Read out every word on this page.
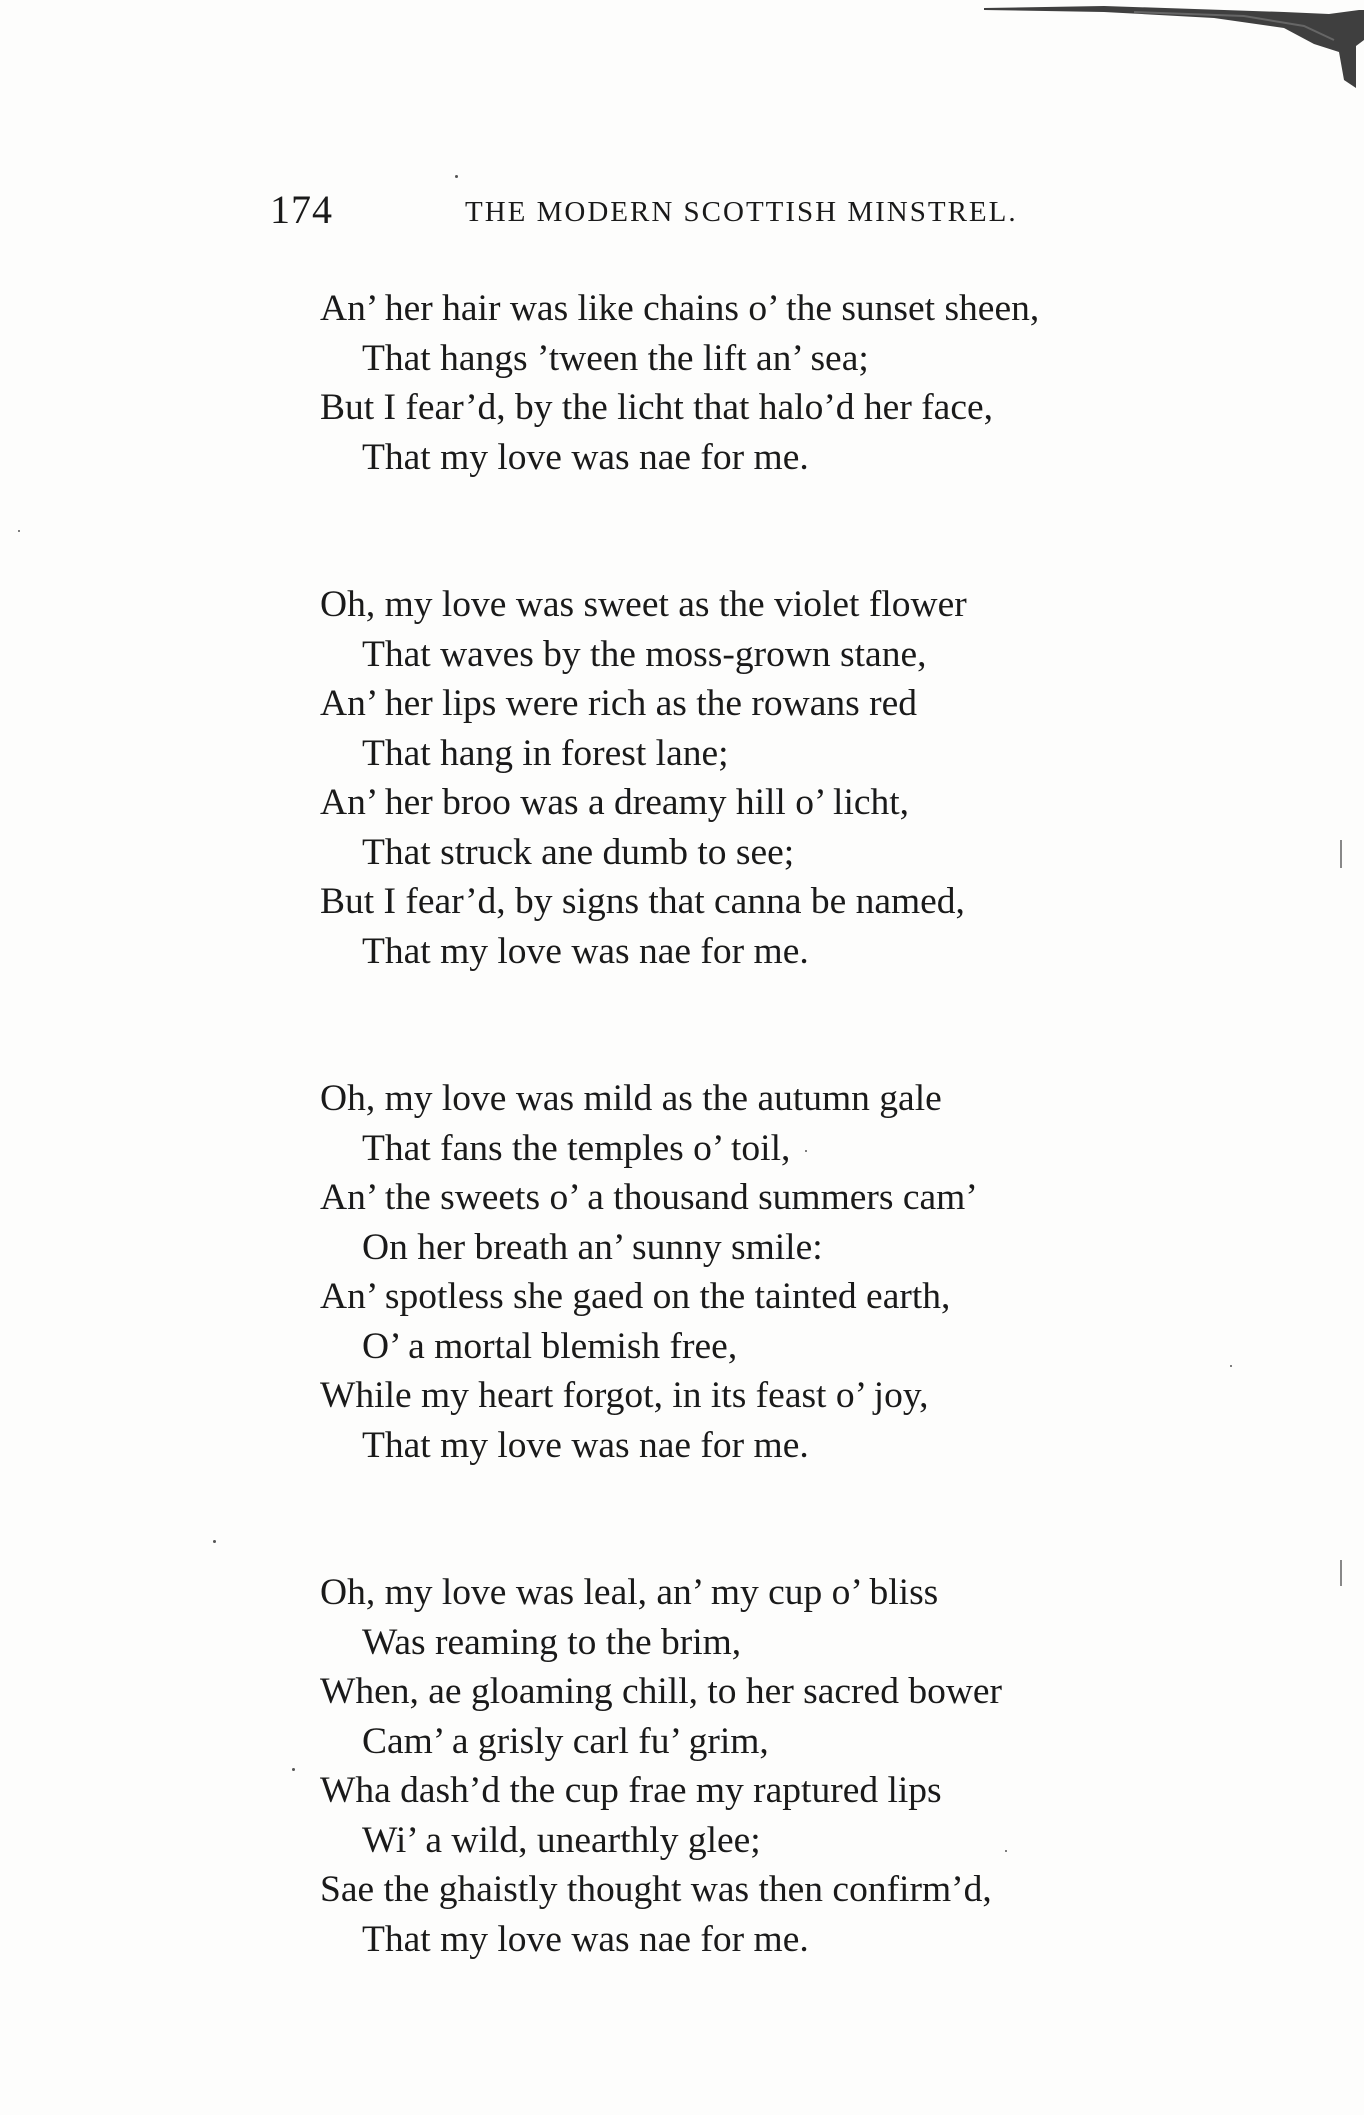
174	THE MODERN SCOTTISH MINSTREL.
An’ her hair was like chains o’ the sunset sheen,
That hangs ’tween the lift an’ sea;
But I fear’d, by the licht that halo’d her face,
That my love was nae for me.
Oh, my love was sweet as the violet flower
That waves by the moss-grown stane,
An’ her lips were rich as the rowans red
That hang in forest lane;
An’ her broo was a dreamy hill o’ licht,
That struck ane dumb to see;
But I fear’d, by signs that canna be named,
That my love was nae for me.
Oh, my love was mild as the autumn gale
That fans the temples o’ toil,
An’ the sweets o’ a thousand summers cam’
On her breath an’ sunny smile:
An’ spotless she gaed on the tainted earth,
O’ a mortal blemish free,
While my heart forgot, in its feast o’ joy,
That my love was nae for me.
Oh, my love was leal, an’ my cup o’ bliss
Was reaming to the brim,
When, ae gloaming chill, to her sacred bower
Cam’ a grisly carl fu’ grim,
Wha dash’d the cup frae my raptured lips
Wi’ a wild, unearthly glee;
Sae the ghaistly thought was then confirm’d,
That my love was nae for me.
